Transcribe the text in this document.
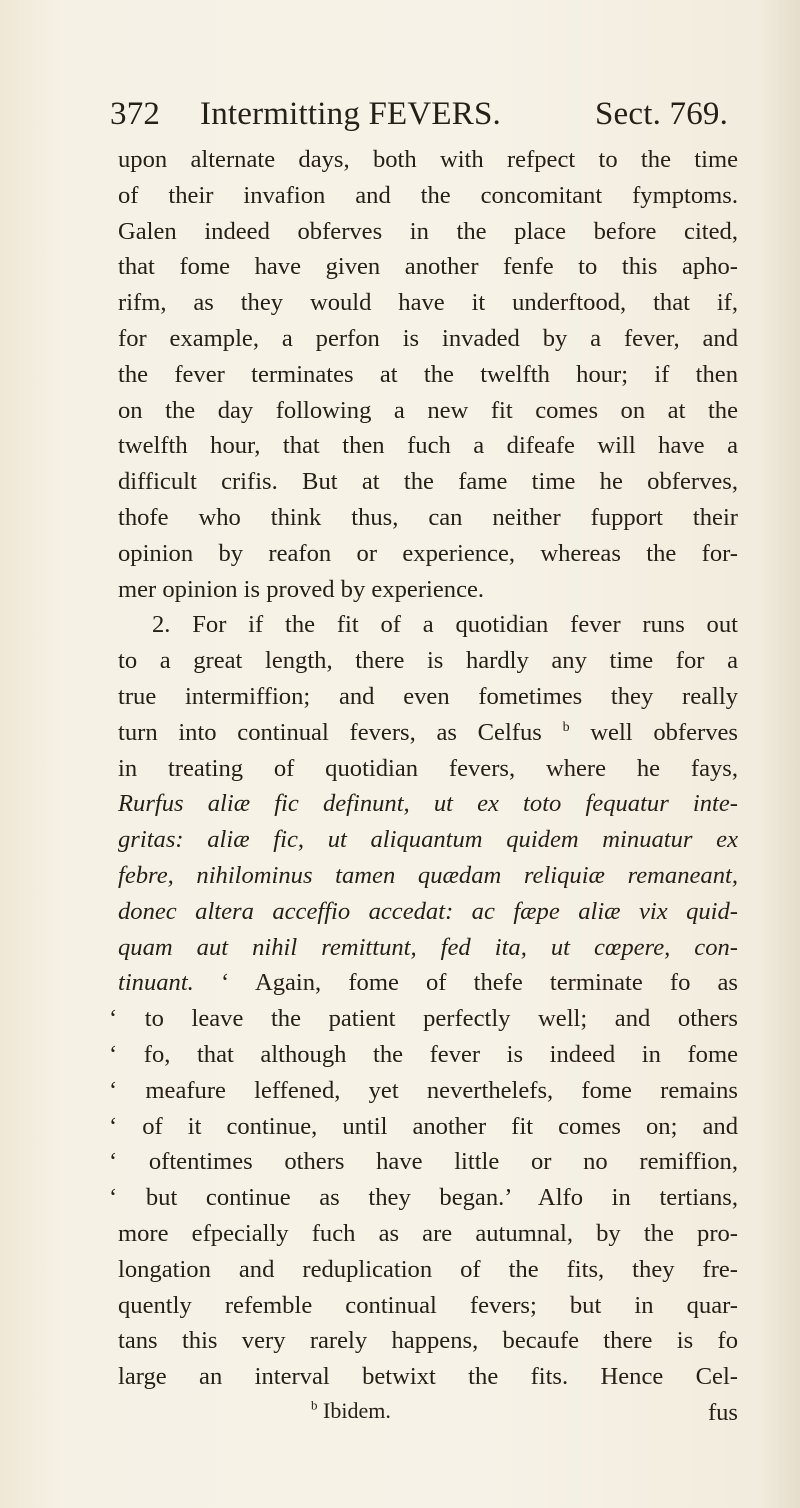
372 Intermitting FEVERS.	Sect. 769.
upon alternate days, both with refpect to the time
of their invafion and the concomitant fymptoms.
Galen indeed obferves in the place before cited,
that fome have given another fenfe to this apho-
rifm, as they would have it underftood, that if,
for example, a perfon is invaded by a fever, and
the fever terminates at the twelfth hour; if then
on the day following a new fit comes on at the
twelfth hour, that then fuch a difeafe will have a
difficult crifis. But at the fame time he obferves,
thofe who think thus, can neither fupport their
opinion by reafon or experience, whereas the for-
mer opinion is proved by experience.
2. For if the fit of a quotidian fever runs out
to a great length, there is hardly any time for a
true intermiffion; and even fometimes they really
turn into continual fevers, as Celfus $^b$ well obferves
in treating of quotidian fevers, where he fays,
Rurfus aliæ fic definunt, ut ex toto fequatur inte-
gritas: aliæ fic, ut aliquantum quidem minuatur ex
febre, nihilominus tamen quædam reliquiæ remaneant,
donec altera acceffio accedat: ac fæpe aliæ vix quid-
quam aut nihil remittunt, fed ita, ut cœpere, con-
tinuant. ‘ Again, fome of thefe terminate fo as
‘ to leave the patient perfectly well; and others
‘ fo, that although the fever is indeed in fome
‘ meafure leffened, yet neverthelefs, fome remains
‘ of it continue, until another fit comes on; and
‘ oftentimes others have little or no remiffion,
‘ but continue as they began.’ Alfo in tertians,
more efpecially fuch as are autumnal, by the pro-
longation and reduplication of the fits, they fre-
quently refemble continual fevers; but in quar-
tans this very rarely happens, becaufe there is fo
large an interval betwixt the fits. Hence Cel-
fus
$^b$ Ibidem.
